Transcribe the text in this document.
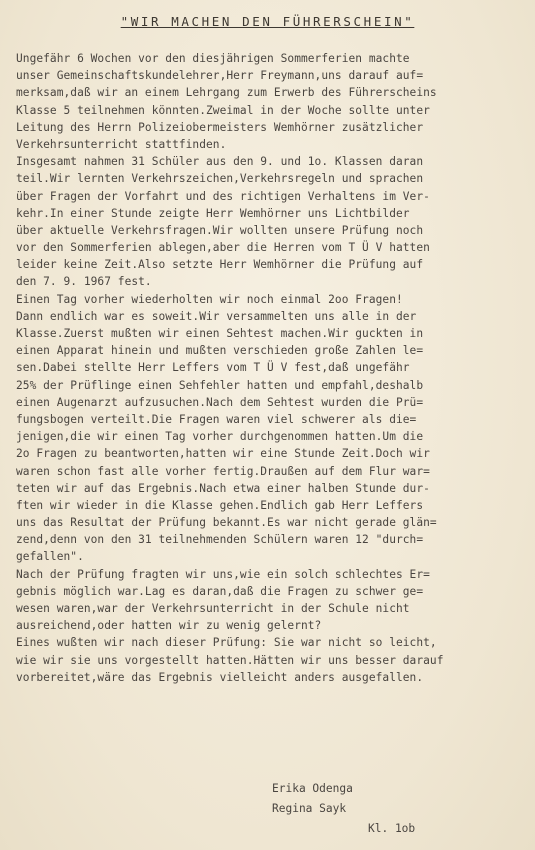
"WIR MACHEN DEN FÜHRERSCHEIN"
Ungefähr 6 Wochen vor den diesjährigen Sommerferien machte
unser Gemeinschaftskundelehrer,Herr Freymann,uns darauf auf=
merksam,daß wir an einem Lehrgang zum Erwerb des Führerscheins
Klasse 5 teilnehmen könnten.Zweimal in der Woche sollte unter
Leitung des Herrn Polizeiobermeisters Wemhörner zusätzlicher
Verkehrsunterricht stattfinden.
Insgesamt nahmen 31 Schüler aus den 9. und 1o. Klassen daran
teil.Wir lernten Verkehrszeichen,Verkehrsregeln und sprachen
über Fragen der Vorfahrt und des richtigen Verhaltens im Ver-
kehr.In einer Stunde zeigte Herr Wemhörner uns Lichtbilder
über aktuelle Verkehrsfragen.Wir wollten unsere Prüfung noch
vor den Sommerferien ablegen,aber die Herren vom T Ü V hatten
leider keine Zeit.Also setzte Herr Wemhörner die Prüfung auf
den 7. 9. 1967 fest.
Einen Tag vorher wiederholten wir noch einmal 2oo Fragen!
Dann endlich war es soweit.Wir versammelten uns alle in der
Klasse.Zuerst mußten wir einen Sehtest machen.Wir guckten in
einen Apparat hinein und mußten verschieden große Zahlen le=
sen.Dabei stellte Herr Leffers vom T Ü V fest,daß ungefähr
25% der Prüflinge einen Sehfehler hatten und empfahl,deshalb
einen Augenarzt aufzusuchen.Nach dem Sehtest wurden die Prü=
fungsbogen verteilt.Die Fragen waren viel schwerer als die=
jenigen,die wir einen Tag vorher durchgenommen hatten.Um die
2o Fragen zu beantworten,hatten wir eine Stunde Zeit.Doch wir
waren schon fast alle vorher fertig.Draußen auf dem Flur war=
teten wir auf das Ergebnis.Nach etwa einer halben Stunde dur-
ften wir wieder in die Klasse gehen.Endlich gab Herr Leffers
uns das Resultat der Prüfung bekannt.Es war nicht gerade glän=
zend,denn von den 31 teilnehmenden Schülern waren 12 "durch=
gefallen".
Nach der Prüfung fragten wir uns,wie ein solch schlechtes Er=
gebnis möglich war.Lag es daran,daß die Fragen zu schwer ge=
wesen waren,war der Verkehrsunterricht in der Schule nicht
ausreichend,oder hatten wir zu wenig gelernt?
Eines wußten wir nach dieser Prüfung: Sie war nicht so leicht,
wie wir sie uns vorgestellt hatten.Hätten wir uns besser darauf
vorbereitet,wäre das Ergebnis vielleicht anders ausgefallen.
Erika Odenga
Regina Sayk
Kl. 1ob
